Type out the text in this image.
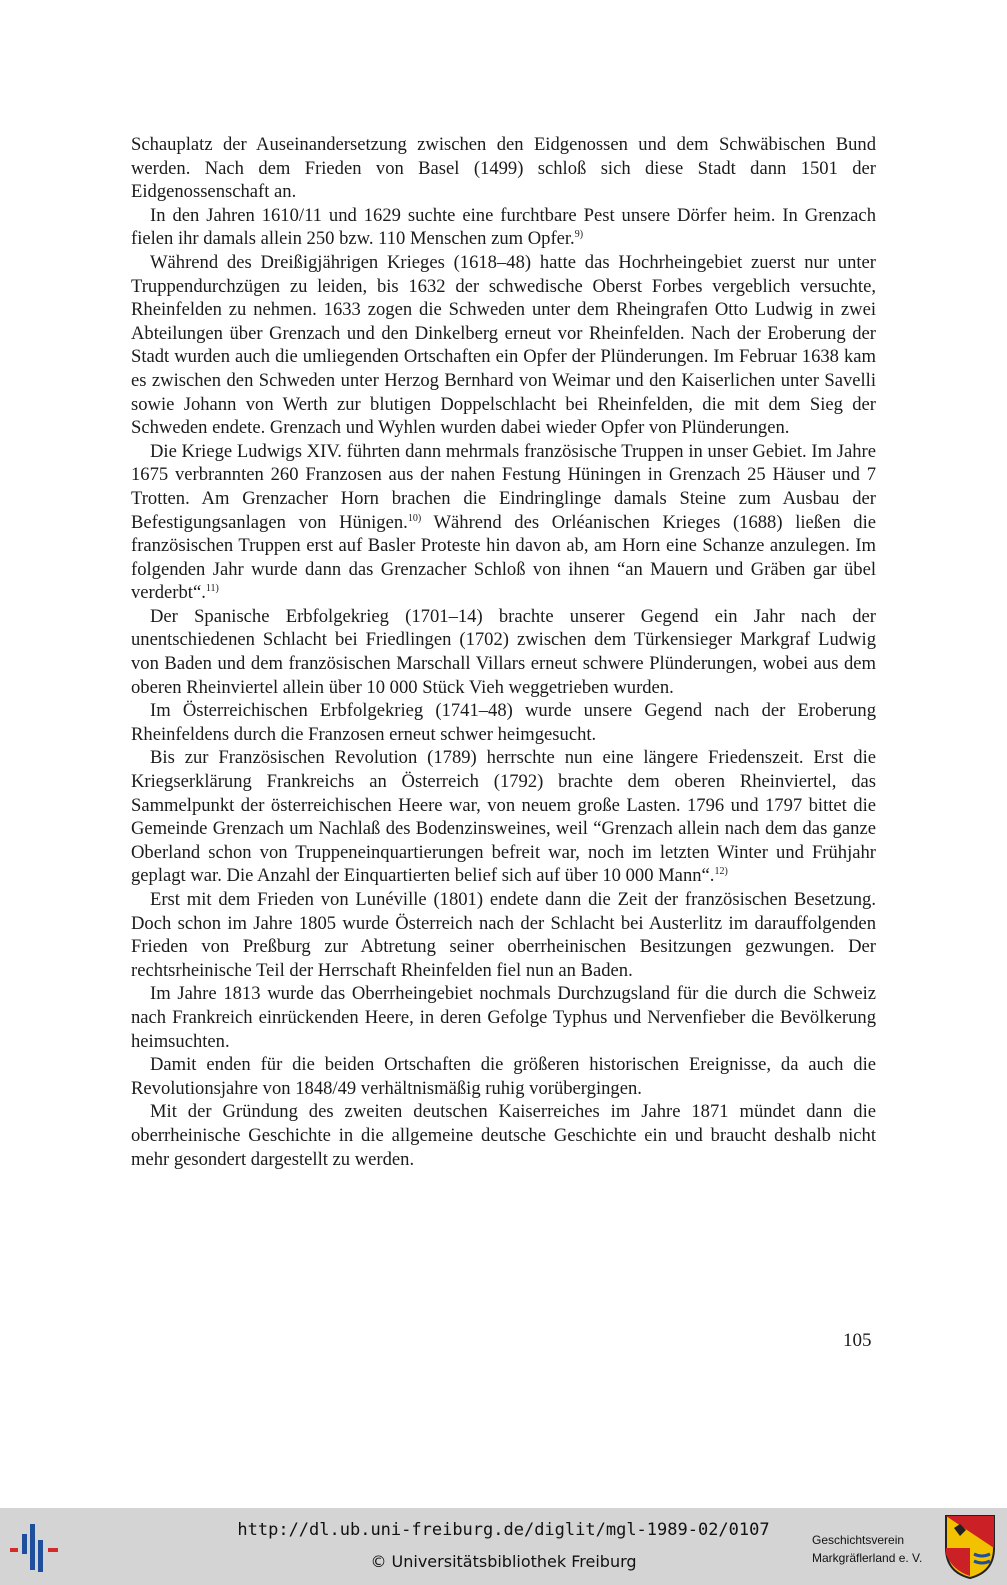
Schauplatz der Auseinandersetzung zwischen den Eidgenossen und dem Schwäbischen Bund werden. Nach dem Frieden von Basel (1499) schloß sich diese Stadt dann 1501 der Eidgenossenschaft an.

In den Jahren 1610/11 und 1629 suchte eine furchtbare Pest unsere Dörfer heim. In Grenzach fielen ihr damals allein 250 bzw. 110 Menschen zum Opfer.$^{9)}$

Während des Dreißigjährigen Krieges (1618–48) hatte das Hochrheingebiet zuerst nur unter Truppendurchzügen zu leiden, bis 1632 der schwedische Oberst Forbes vergeblich versuchte, Rheinfelden zu nehmen. 1633 zogen die Schweden unter dem Rheingrafen Otto Ludwig in zwei Abteilungen über Grenzach und den Dinkelberg erneut vor Rheinfelden. Nach der Eroberung der Stadt wurden auch die umliegenden Ortschaften ein Opfer der Plünderungen. Im Februar 1638 kam es zwischen den Schweden unter Herzog Bernhard von Weimar und den Kaiserlichen unter Savelli sowie Johann von Werth zur blutigen Doppelschlacht bei Rheinfelden, die mit dem Sieg der Schweden endete. Grenzach und Wyhlen wurden dabei wieder Opfer von Plünderungen.

Die Kriege Ludwigs XIV. führten dann mehrmals französische Truppen in unser Gebiet. Im Jahre 1675 verbrannten 260 Franzosen aus der nahen Festung Hüningen in Grenzach 25 Häuser und 7 Trotten. Am Grenzacher Horn brachen die Eindringlinge damals Steine zum Ausbau der Befestigungsanlagen von Hünigen.$^{10)}$ Während des Orléanischen Krieges (1688) ließen die französischen Truppen erst auf Basler Proteste hin davon ab, am Horn eine Schanze anzulegen. Im folgenden Jahr wurde dann das Grenzacher Schloß von ihnen “an Mauern und Gräben gar übel verderbt“.$^{11)}$

Der Spanische Erbfolgekrieg (1701–14) brachte unserer Gegend ein Jahr nach der unentschiedenen Schlacht bei Friedlingen (1702) zwischen dem Türkensieger Markgraf Ludwig von Baden und dem französischen Marschall Villars erneut schwere Plünderungen, wobei aus dem oberen Rheinviertel allein über 10 000 Stück Vieh weggetrieben wurden.

Im Österreichischen Erbfolgekrieg (1741–48) wurde unsere Gegend nach der Eroberung Rheinfeldens durch die Franzosen erneut schwer heimgesucht.

Bis zur Französischen Revolution (1789) herrschte nun eine längere Friedenszeit. Erst die Kriegserklärung Frankreichs an Österreich (1792) brachte dem oberen Rheinviertel, das Sammelpunkt der österreichischen Heere war, von neuem große Lasten. 1796 und 1797 bittet die Gemeinde Grenzach um Nachlaß des Bodenzinsweines, weil “Grenzach allein nach dem das ganze Oberland schon von Truppeneinquartierungen befreit war, noch im letzten Winter und Frühjahr geplagt war. Die Anzahl der Einquartierten belief sich auf über 10 000 Mann“.$^{12)}$

Erst mit dem Frieden von Lunéville (1801) endete dann die Zeit der französischen Besetzung. Doch schon im Jahre 1805 wurde Österreich nach der Schlacht bei Austerlitz im darauffolgenden Frieden von Preßburg zur Abtretung seiner oberrheinischen Besitzungen gezwungen. Der rechtsrheinische Teil der Herrschaft Rheinfelden fiel nun an Baden.

Im Jahre 1813 wurde das Oberrheingebiet nochmals Durchzugsland für die durch die Schweiz nach Frankreich einrückenden Heere, in deren Gefolge Typhus und Nervenfieber die Bevölkerung heimsuchten.

Damit enden für die beiden Ortschaften die größeren historischen Ereignisse, da auch die Revolutionsjahre von 1848/49 verhältnismäßig ruhig vorübergingen.

Mit der Gründung des zweiten deutschen Kaiserreiches im Jahre 1871 mündet dann die oberrheinische Geschichte in die allgemeine deutsche Geschichte ein und braucht deshalb nicht mehr gesondert dargestellt zu werden.

105
http://dl.ub.uni-freiburg.de/diglit/mgl-1989-02/0107
© Universitätsbibliothek Freiburg
Geschichtsverein
Markgräflerland e. V.
